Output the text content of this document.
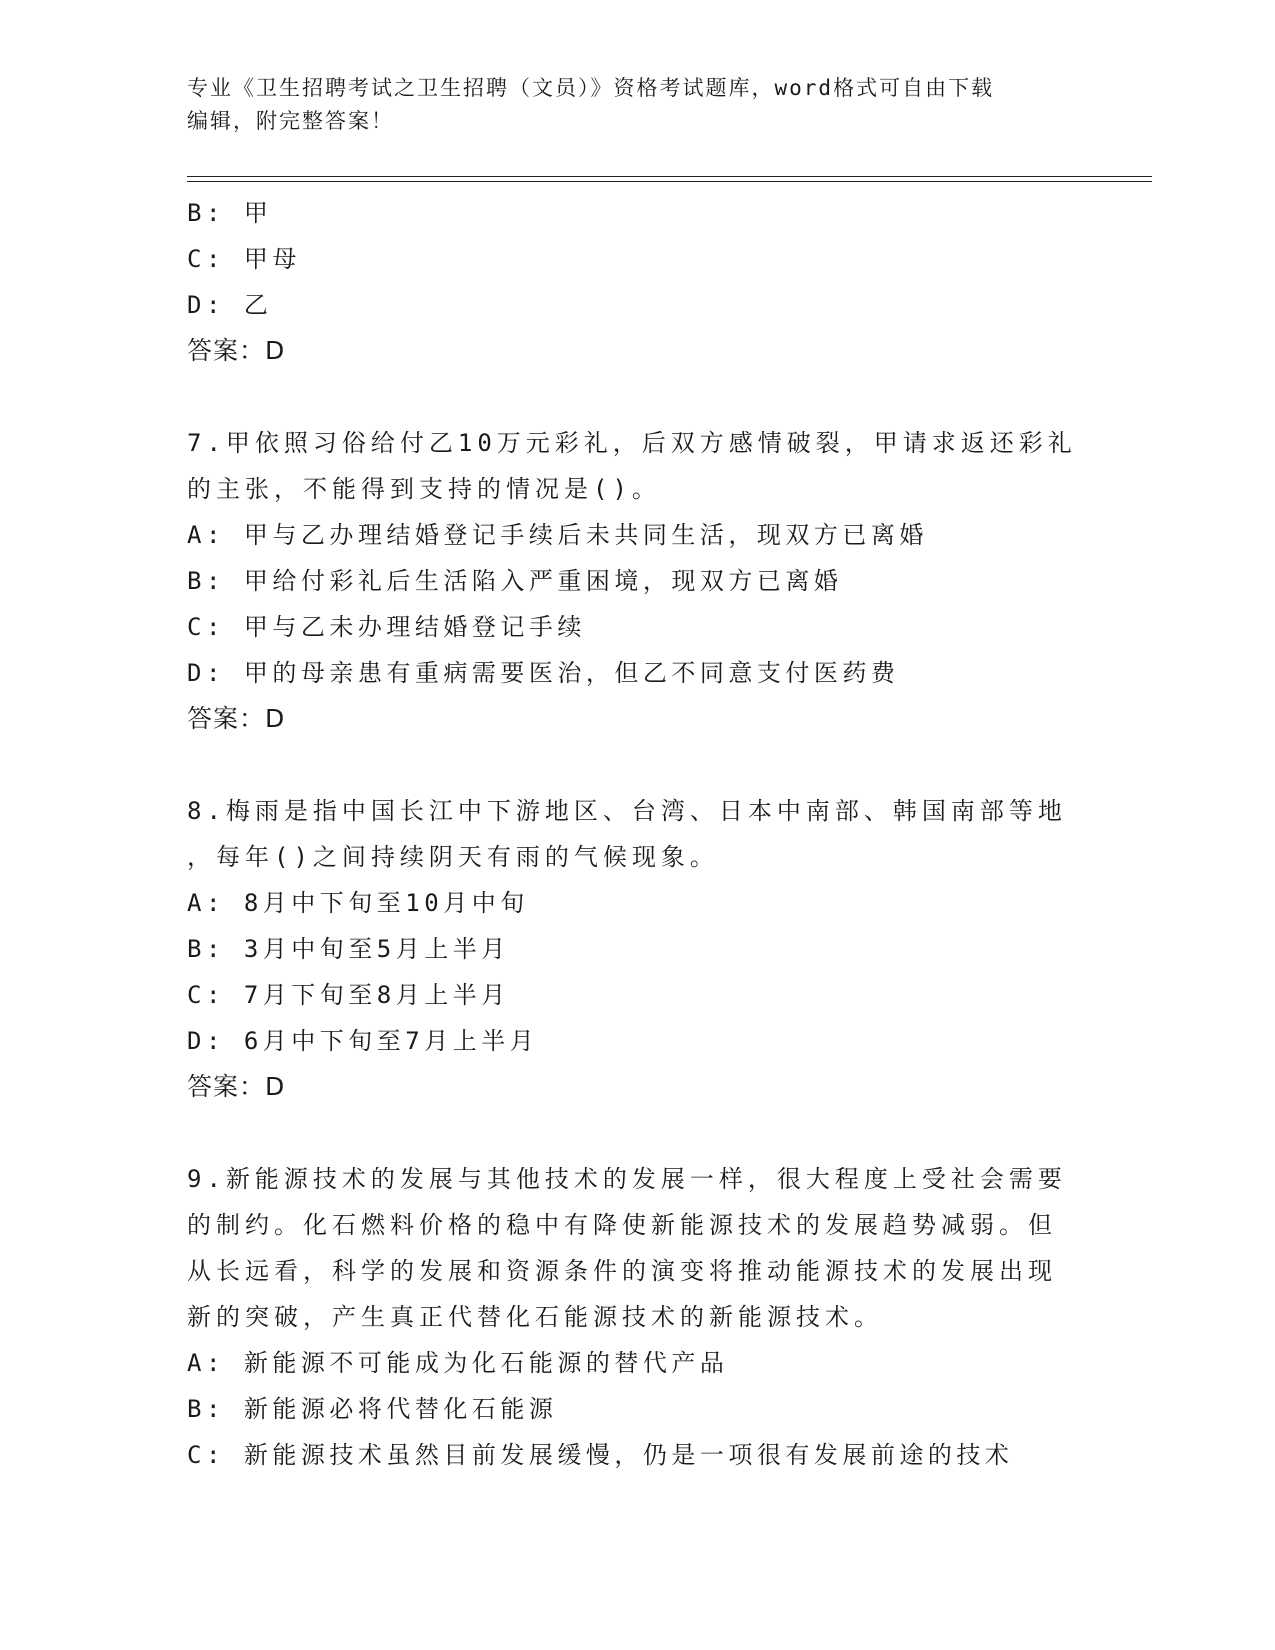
专业《卫生招聘考试之卫生招聘（文员）》资格考试题库，word格式可自由下载
编辑，附完整答案！

B: 甲

C: 甲母

D: 乙

答案：D

7.甲依照习俗给付乙10万元彩礼，后双方感情破裂，甲请求返还彩礼

的主张，不能得到支持的情况是()。

A: 甲与乙办理结婚登记手续后未共同生活，现双方已离婚

B: 甲给付彩礼后生活陷入严重困境，现双方已离婚

C: 甲与乙未办理结婚登记手续

D: 甲的母亲患有重病需要医治，但乙不同意支付医药费

答案：D

8.梅雨是指中国长江中下游地区、台湾、日本中南部、韩国南部等地

，每年()之间持续阴天有雨的气候现象。

A: 8月中下旬至10月中旬

B: 3月中旬至5月上半月

C: 7月下旬至8月上半月

D: 6月中下旬至7月上半月

答案：D

9.新能源技术的发展与其他技术的发展一样，很大程度上受社会需要

的制约。化石燃料价格的稳中有降使新能源技术的发展趋势减弱。但

从长远看，科学的发展和资源条件的演变将推动能源技术的发展出现

新的突破，产生真正代替化石能源技术的新能源技术。

A: 新能源不可能成为化石能源的替代产品

B: 新能源必将代替化石能源

C: 新能源技术虽然目前发展缓慢，仍是一项很有发展前途的技术
